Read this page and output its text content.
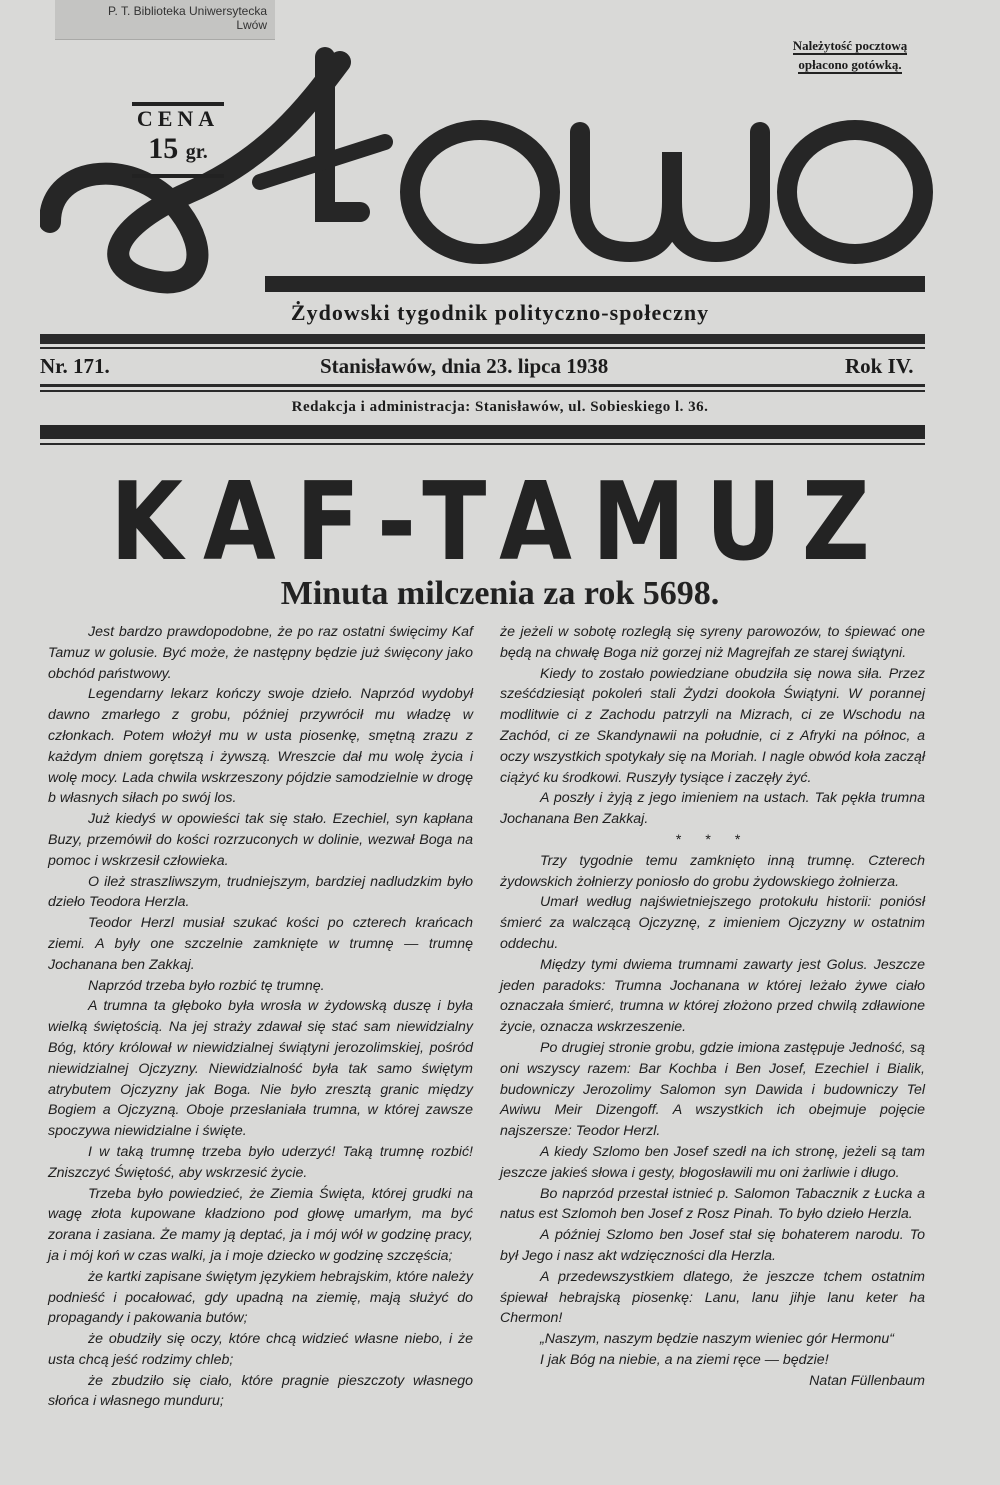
P. T. Biblioteka Uniwersytecka
Lwów
Należytość pocztową
opłacono gotówką.
CENA
15 gr.
Żydowski tygodnik polityczno-społeczny
Nr. 171.	Stanisławów, dnia 23. lipca 1938	Rok IV.
Redakcja i administracja: Stanisławów, ul. Sobieskiego l. 36.
KAF-TAMUZ
Minuta milczenia za rok 5698.

Jest bardzo prawdopodobne, że po raz ostatni święcimy Kaf Tamuz w golusie. Być może, że następny będzie już święcony jako obchód państwowy.

Legendarny lekarz kończy swoje dzieło. Naprzód wydobył dawno zmarłego z grobu, później przywrócił mu władzę w członkach. Potem włożył mu w usta piosenkę, smętną zrazu z każdym dniem gorętszą i żywszą. Wreszcie dał mu wolę życia i wolę mocy. Lada chwila wskrzeszony pójdzie samodzielnie w drogę b własnych siłach po swój los.

Już kiedyś w opowieści tak się stało. Ezechiel, syn kapłana Buzy, przemówił do kości rozrzuconych w dolinie, wezwał Boga na pomoc i wskrzesił człowieka.

O ileż straszliwszym, trudniejszym, bardziej nadludzkim było dzieło Teodora Herzla.

Teodor Herzl musiał szukać kości po czterech krańcach ziemi. A były one szczelnie zamknięte w trumnę — trumnę Jochanana ben Zakkaj.

Naprzód trzeba było rozbić tę trumnę.

A trumna ta głęboko była wrosła w żydowską duszę i była wielką świętością. Na jej straży zdawał się stać sam niewidzialny Bóg, który królował w niewidzialnej świątyni jerozolimskiej, pośród niewidzialnej Ojczyzny. Niewidzialność była tak samo świętym atrybutem Ojczyzny jak Boga. Nie było zresztą granic między Bogiem a Ojczyzną. Oboje przesłaniała trumna, w której zawsze spoczywa niewidzialne i święte.

I w taką trumnę trzeba było uderzyć! Taką trumnę rozbić! Zniszczyć Świętość, aby wskrzesić życie.

Trzeba było powiedzieć, że Ziemia Święta, której grudki na wagę złota kupowane kładziono pod głowę umarłym, ma być zorana i zasiana. Że mamy ją deptać, ja i mój wół w godzinę pracy, ja i mój koń w czas walki, ja i moje dziecko w godzinę szczęścia;

że kartki zapisane świętym językiem hebrajskim, które należy podnieść i pocałować, gdy upadną na ziemię, mają służyć do propagandy i pakowania butów;

że obudziły się oczy, które chcą widzieć własne niebo, i że usta chcą jeść rodzimy chleb;

że zbudziło się ciało, które pragnie pieszczoty własnego słońca i własnego munduru;

że jeżeli w sobotę rozległą się syreny parowozów, to śpiewać one będą na chwałę Boga niż gorzej niż Magrejfah ze starej świątyni.

Kiedy to zostało powiedziane obudziła się nowa siła. Przez sześćdziesiąt pokoleń stali Żydzi dookoła Świątyni. W porannej modlitwie ci z Zachodu patrzyli na Mizrach, ci ze Wschodu na Zachód, ci ze Skandynawii na południe, ci z Afryki na północ, a oczy wszystkich spotykały się na Moriah. I nagle obwód koła zaczął ciążyć ku środkowi. Ruszyły tysiące i zaczęły żyć.

A poszły i żyją z jego imieniem na ustach. Tak pękła trumna Jochanana Ben Zakkaj.

* * *

Trzy tygodnie temu zamknięto inną trumnę. Czterech żydowskich żołnierzy poniosło do grobu żydowskiego żołnierza.

Umarł według najświetniejszego protokułu historii: poniósł śmierć za walczącą Ojczyznę, z imieniem Ojczyzny w ostatnim oddechu.

Między tymi dwiema trumnami zawarty jest Golus. Jeszcze jeden paradoks: Trumna Jochanana w której leżało żywe ciało oznaczała śmierć, trumna w której złożono przed chwilą zdławione życie, oznacza wskrzeszenie.

Po drugiej stronie grobu, gdzie imiona zastępuje Jedność, są oni wszyscy razem: Bar Kochba i Ben Josef, Ezechiel i Bialik, budowniczy Jerozolimy Salomon syn Dawida i budowniczy Tel Awiwu Meir Dizengoff. A wszystkich ich obejmuje pojęcie najszersze: Teodor Herzl.

A kiedy Szlomo ben Josef szedł na ich stronę, jeżeli są tam jeszcze jakieś słowa i gesty, błogosławili mu oni żarliwie i długo.

Bo naprzód przestał istnieć p. Salomon Tabacznik z Łucka a natus est Szlomoh ben Josef z Rosz Pinah. To było dzieło Herzla.

A później Szlomo ben Josef stał się bohaterem narodu. To był Jego i nasz akt wdzięczności dla Herzla.

A przedewszystkiem dlatego, że jeszcze tchem ostatnim śpiewał hebrajską piosenkę: Lanu, lanu jihje lanu keter ha Chermon!

„Naszym, naszym będzie naszym wieniec gór Hermonu“

I jak Bóg na niebie, a na ziemi ręce — będzie!

Natan Füllenbaum
